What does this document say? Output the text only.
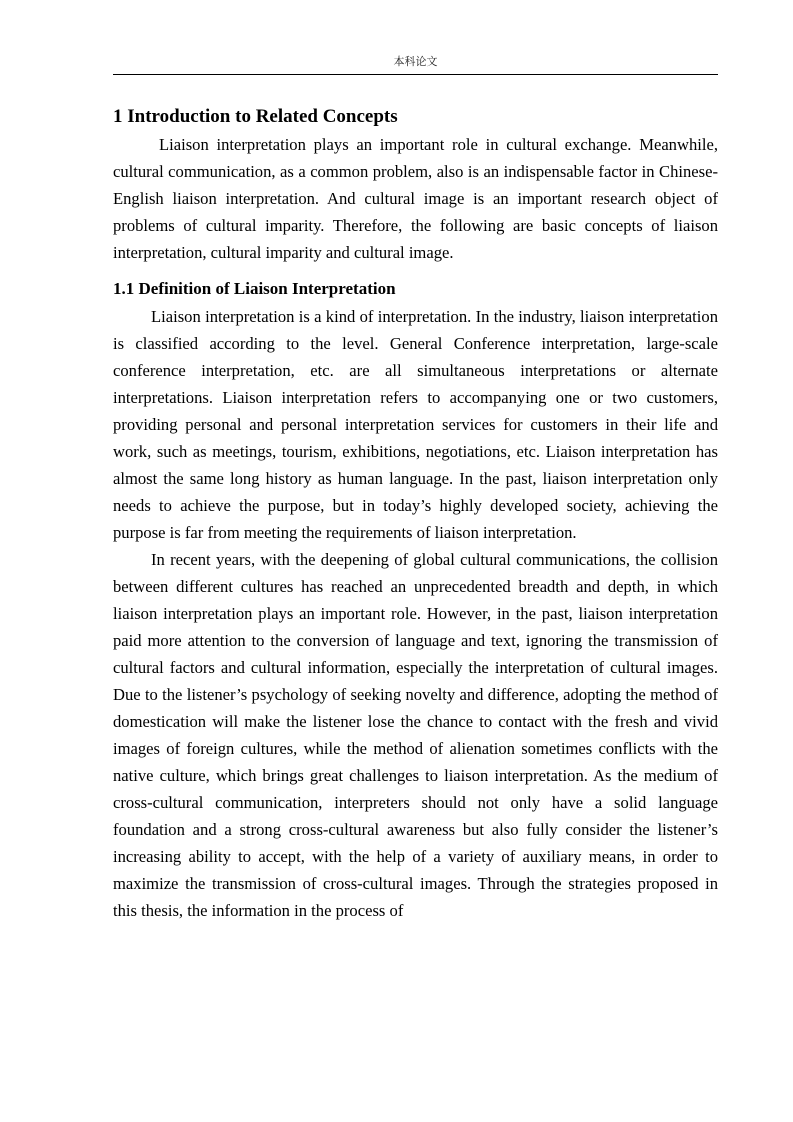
本科论文
1 Introduction to Related Concepts

Liaison interpretation plays an important role in cultural exchange. Meanwhile, cultural communication, as a common problem, also is an indispensable factor in Chinese-English liaison interpretation. And cultural image is an important research object of problems of cultural imparity. Therefore, the following are basic concepts of liaison interpretation, cultural imparity and cultural image.

1.1 Definition of Liaison Interpretation

Liaison interpretation is a kind of interpretation. In the industry, liaison interpretation is classified according to the level. General Conference interpretation, large-scale conference interpretation, etc. are all simultaneous interpretations or alternate interpretations. Liaison interpretation refers to accompanying one or two customers, providing personal and personal interpretation services for customers in their life and work, such as meetings, tourism, exhibitions, negotiations, etc. Liaison interpretation has almost the same long history as human language. In the past, liaison interpretation only needs to achieve the purpose, but in today’s highly developed society, achieving the purpose is far from meeting the requirements of liaison interpretation.

In recent years, with the deepening of global cultural communications, the collision between different cultures has reached an unprecedented breadth and depth, in which liaison interpretation plays an important role. However, in the past, liaison interpretation paid more attention to the conversion of language and text, ignoring the transmission of cultural factors and cultural information, especially the interpretation of cultural images. Due to the listener’s psychology of seeking novelty and difference, adopting the method of domestication will make the listener lose the chance to contact with the fresh and vivid images of foreign cultures, while the method of alienation sometimes conflicts with the native culture, which brings great challenges to liaison interpretation. As the medium of cross-cultural communication, interpreters should not only have a solid language foundation and a strong cross-cultural awareness but also fully consider the listener’s increasing ability to accept, with the help of a variety of auxiliary means, in order to maximize the transmission of cross-cultural images. Through the strategies proposed in this thesis, the information in the process of
